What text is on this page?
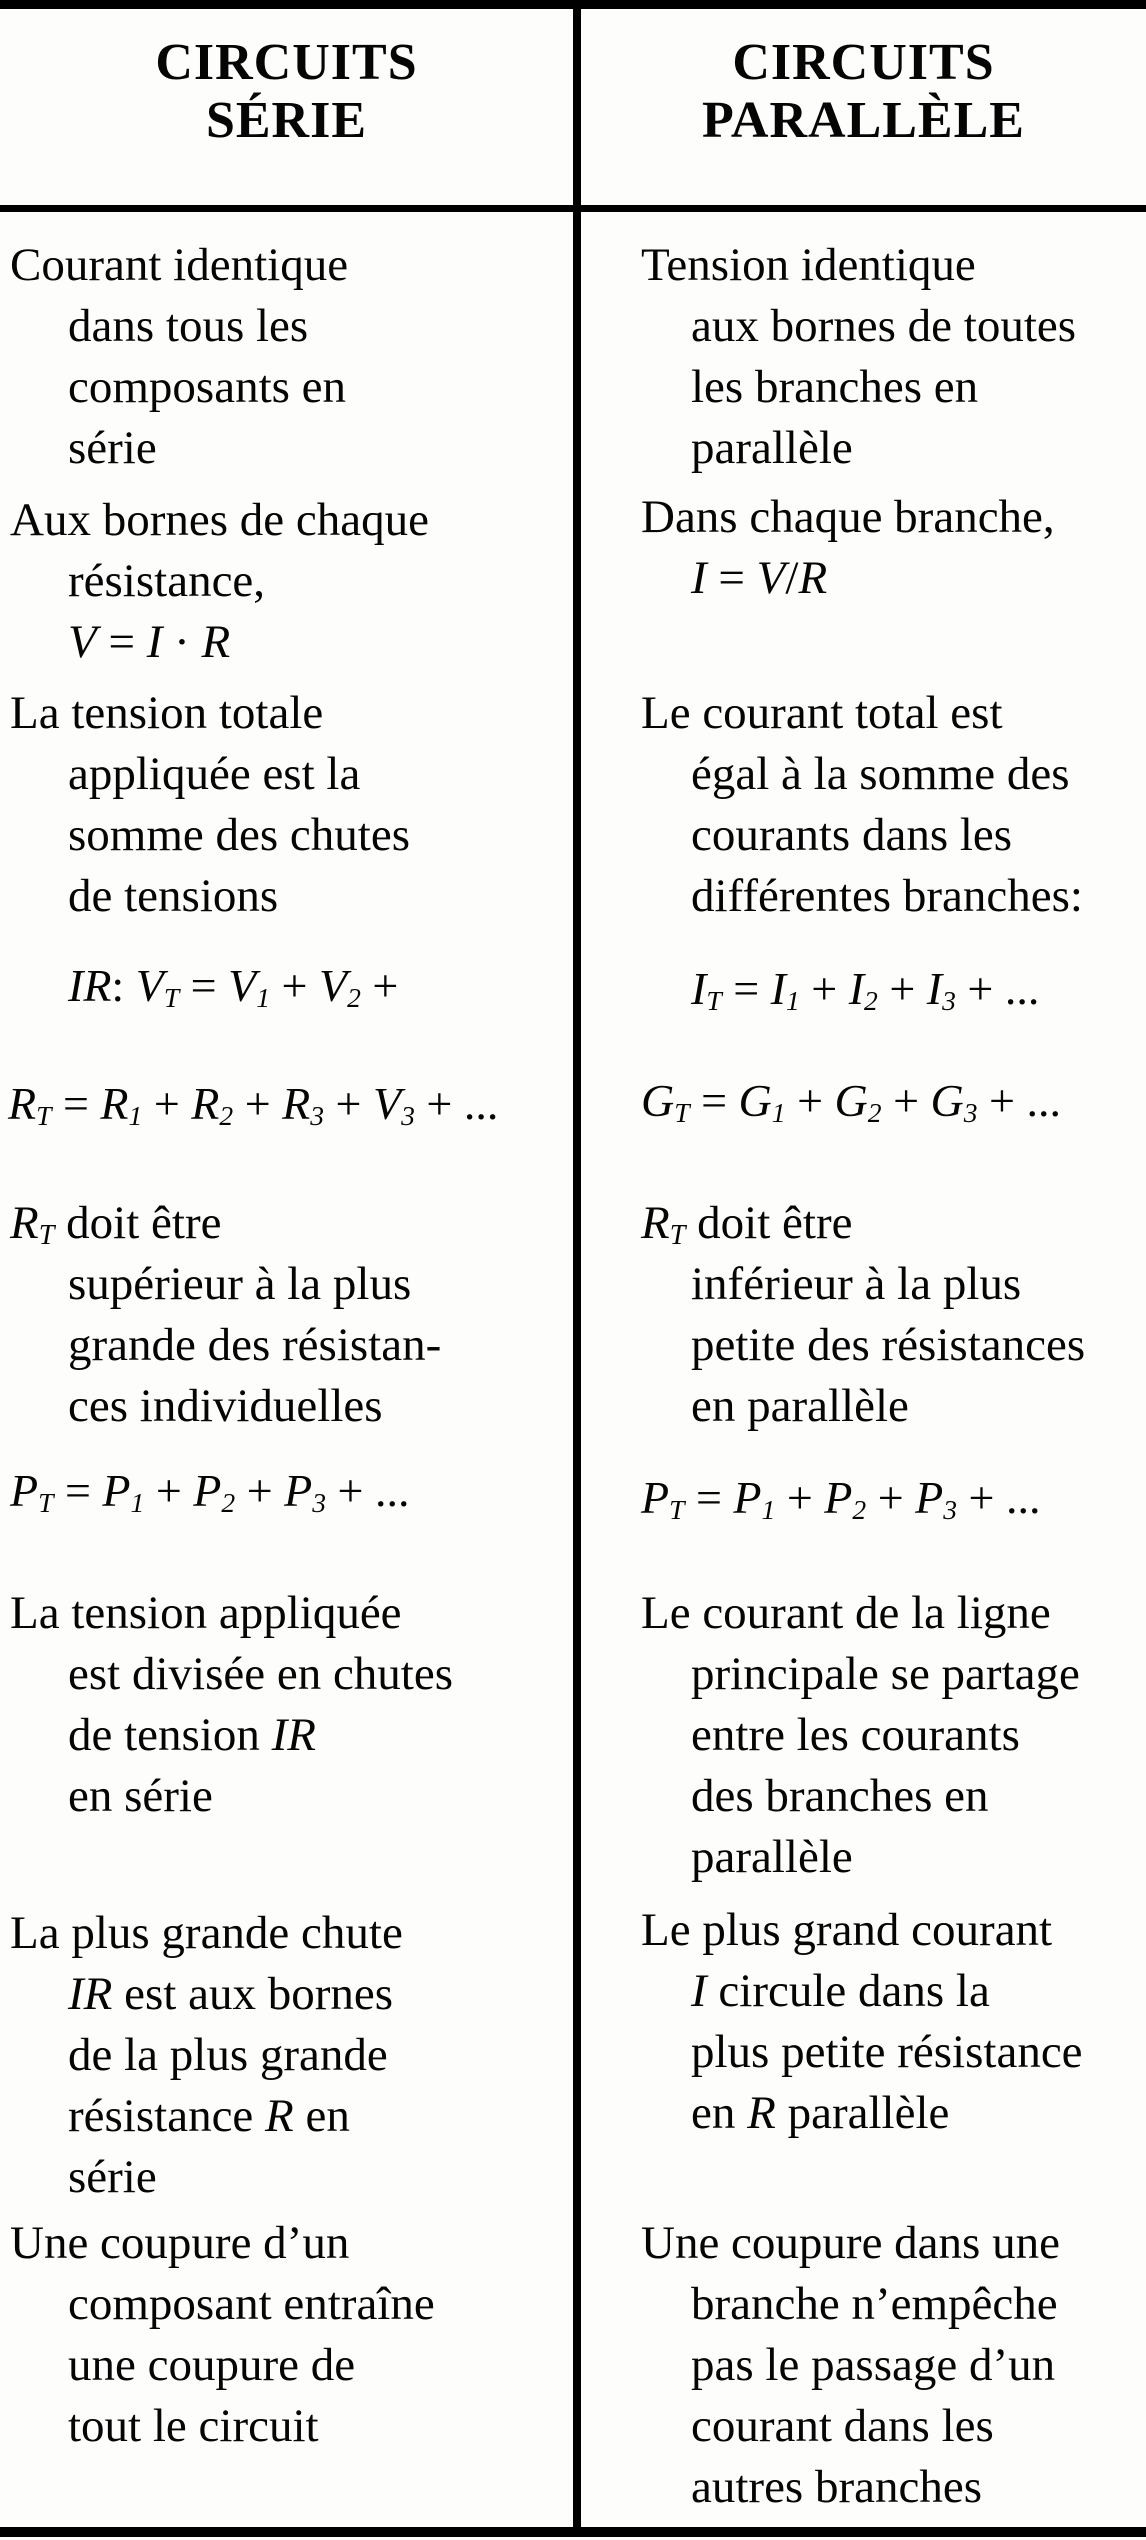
CIRCUITS
SÉRIE
CIRCUITS
PARALLÈLE
Courant identique
dans tous les
composants en
série
Aux bornes de chaque
résistance,
V = I · R
La tension totale
appliquée est la
somme des chutes
de tensions
IR: $V_T = V_1 + V_2$ +
$R_T = R_1 + R_2 + R_3 + V_3$ + ...
$R_T$ doit être
supérieur à la plus
grande des résistan-
ces individuelles
$P_T = P_1 + P_2 + P_3$ + ...
La tension appliquée
est divisée en chutes
de tension IR
en série
La plus grande chute
IR est aux bornes
de la plus grande
résistance R en
série
Une coupure d’un
composant entraîne
une coupure de
tout le circuit
Tension identique
aux bornes de toutes
les branches en
parallèle
Dans chaque branche,
I = V/R
Le courant total est
égal à la somme des
courants dans les
différentes branches:
$I_T = I_1 + I_2 + I_3$ + ...
$G_T = G_1 + G_2 + G_3$ + ...
$R_T$ doit être
inférieur à la plus
petite des résistances
en parallèle
$P_T = P_1 + P_2 + P_3$ + ...
Le courant de la ligne
principale se partage
entre les courants
des branches en
parallèle
Le plus grand courant
I circule dans la
plus petite résistance
en R parallèle
Une coupure dans une
branche n’empêche
pas le passage d’un
courant dans les
autres branches
